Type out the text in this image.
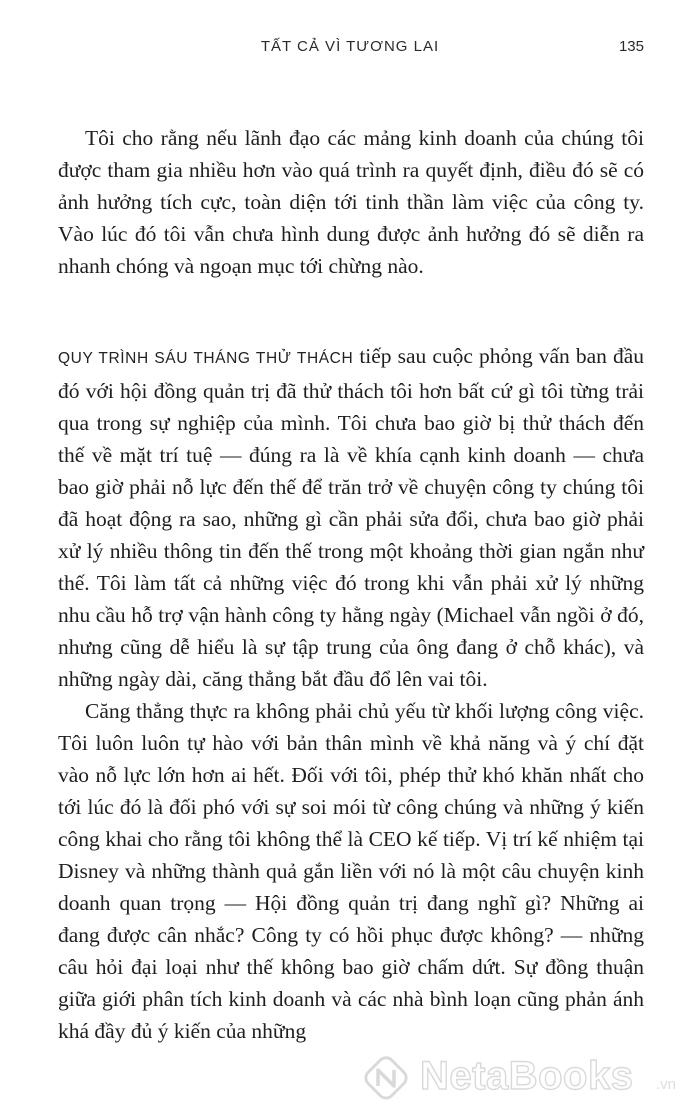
TẤT CẢ VÌ TƯƠNG LAI	135

Tôi cho rằng nếu lãnh đạo các mảng kinh doanh của chúng tôi được tham gia nhiều hơn vào quá trình ra quyết định, điều đó sẽ có ảnh hưởng tích cực, toàn diện tới tinh thần làm việc của công ty. Vào lúc đó tôi vẫn chưa hình dung được ảnh hưởng đó sẽ diễn ra nhanh chóng và ngoạn mục tới chừng nào.

QUY TRÌNH SÁU THÁNG THỬ THÁCH tiếp sau cuộc phỏng vấn ban đầu đó với hội đồng quản trị đã thử thách tôi hơn bất cứ gì tôi từng trải qua trong sự nghiệp của mình. Tôi chưa bao giờ bị thử thách đến thế về mặt trí tuệ — đúng ra là về khía cạnh kinh doanh — chưa bao giờ phải nỗ lực đến thế để trăn trở về chuyện công ty chúng tôi đã hoạt động ra sao, những gì cần phải sửa đổi, chưa bao giờ phải xử lý nhiều thông tin đến thế trong một khoảng thời gian ngắn như thế. Tôi làm tất cả những việc đó trong khi vẫn phải xử lý những nhu cầu hỗ trợ vận hành công ty hằng ngày (Michael vẫn ngồi ở đó, nhưng cũng dễ hiểu là sự tập trung của ông đang ở chỗ khác), và những ngày dài, căng thẳng bắt đầu đổ lên vai tôi.

Căng thẳng thực ra không phải chủ yếu từ khối lượng công việc. Tôi luôn luôn tự hào với bản thân mình về khả năng và ý chí đặt vào nỗ lực lớn hơn ai hết. Đối với tôi, phép thử khó khăn nhất cho tới lúc đó là đối phó với sự soi mói từ công chúng và những ý kiến công khai cho rằng tôi không thể là CEO kế tiếp. Vị trí kế nhiệm tại Disney và những thành quả gắn liền với nó là một câu chuyện kinh doanh quan trọng — Hội đồng quản trị đang nghĩ gì? Những ai đang được cân nhắc? Công ty có hồi phục được không? — những câu hỏi đại loại như thế không bao giờ chấm dứt. Sự đồng thuận giữa giới phân tích kinh doanh và các nhà bình loạn cũng phản ánh khá đầy đủ ý kiến của những

NetaBooks .vn
